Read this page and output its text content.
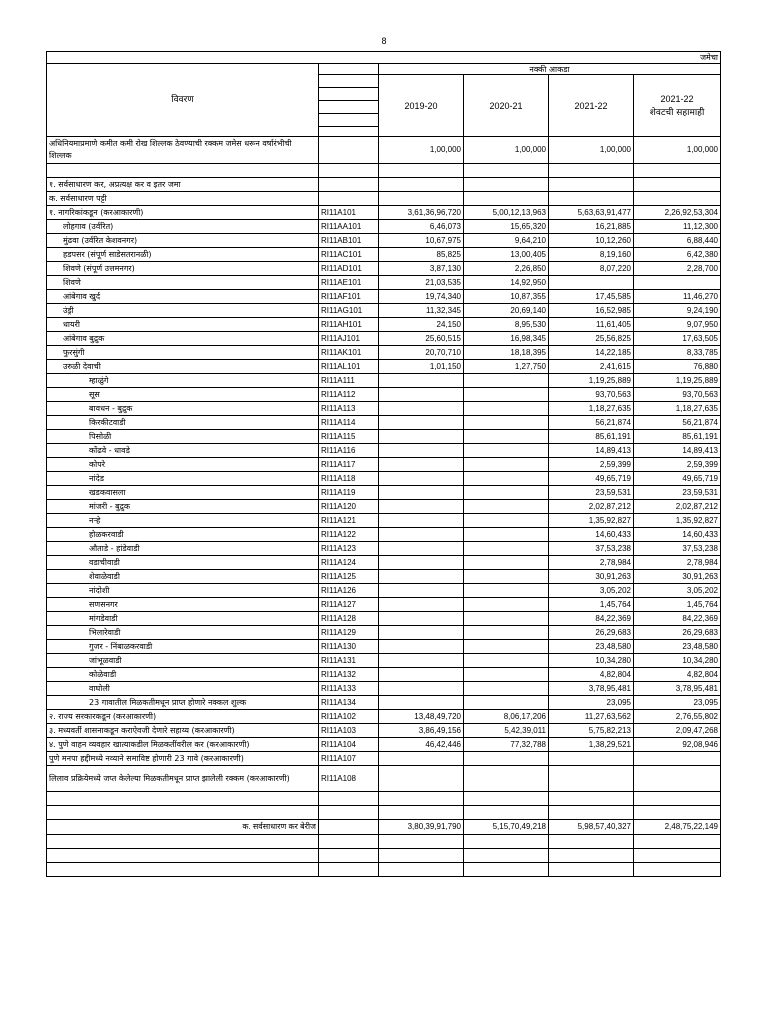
8
जमेचा					
विवरण		नक्की आकडा			

		2019-20	2020-21	2021-22	2021-22
शेवटची सहामाही

अधिनियमाप्रमाणे कमीत कमी रोख शिल्लक ठेवण्याची रक्कम जमेस धरून वर्षारंभीची शिल्लक		1,00,000	1,00,000	1,00,000	1,00,000

१. सर्वसाधारण कर, अप्रत्यक्ष कर व इतर जमा					
क. सर्वसाधारण पट्टी					
१. नागरिकांकडून (करआकारणी)	RI11A101	3,61,36,96,720	5,00,12,13,963	5,63,63,91,477	2,26,92,53,304
लोहगाव (उर्वरित)	RI11AA101	6,46,073	15,65,320	16,21,885	11,12,300
मुंढवा (उर्वरित केशवनगर)	RI11AB101	10,67,975	9,64,210	10,12,260	6,88,440
हडपसर (संपूर्ण साडेसतरानळी)	RI11AC101	85,825	13,00,405	8,19,160	6,42,380
शिवणे (संपूर्ण उत्तमनगर)	RI11AD101	3,87,130	2,26,850	8,07,220	2,28,700
शिवणे	RI11AE101	21,03,535	14,92,950		
आंबेगाव खुर्द	RI11AF101	19,74,340	10,87,355	17,45,585	11,46,270
उंड्री	RI11AG101	11,32,345	20,69,140	16,52,985	9,24,190
धायरी	RI11AH101	24,150	8,95,530	11,61,405	9,07,950
आंबेगाव बुद्रुक	RI11AJ101	25,60,515	16,98,345	25,56,825	17,63,505
फुरसुंगी	RI11AK101	20,70,710	18,18,395	14,22,185	8,33,785
उरुळी देवाची	RI11AL101	1,01,150	1,27,750	2,41,615	76,880
म्हाळुंगे	RI11A111			1,19,25,889	1,19,25,889
सूस	RI11A112			93,70,563	93,70,563
बावधन - बुद्रुक	RI11A113			1,18,27,635	1,18,27,635
किरकीटवाडी	RI11A114			56,21,874	56,21,874
पिसोळी	RI11A115			85,61,191	85,61,191
कोंढवे - धावडे	RI11A116			14,89,413	14,89,413
कोपरे	RI11A117			2,59,399	2,59,399
नांदेड	RI11A118			49,65,719	49,65,719
खडकवासला	RI11A119			23,59,531	23,59,531
मांजरी - बुद्रुक	RI11A120			2,02,87,212	2,02,87,212
नऱ्हे	RI11A121			1,35,92,827	1,35,92,827
होळकरवाडी	RI11A122			14,60,433	14,60,433
औताडे - हांडेवाडी	RI11A123			37,53,238	37,53,238
वडाचीवाडी	RI11A124			2,78,984	2,78,984
शेवाळेवाडी	RI11A125			30,91,263	30,91,263
नांदोशी	RI11A126			3,05,202	3,05,202
सणसनगर	RI11A127			1,45,764	1,45,764
मांगडेवाडी	RI11A128			84,22,369	84,22,369
भिलारेवाडी	RI11A129			26,29,683	26,29,683
गुजर - निंबाळकरवाडी	RI11A130			23,48,580	23,48,580
जांभूळवाडी	RI11A131			10,34,280	10,34,280
कोळेवाडी	RI11A132			4,82,804	4,82,804
वाघोली	RI11A133			3,78,95,481	3,78,95,481
23 गावातील मिळकतीमधून प्राप्त होणारे नक्कल शुल्क	RI11A134			23,095	23,095
२. राज्य सरकारकडून (करआकारणी)	RI11A102	13,48,49,720	8,06,17,206	11,27,63,562	2,76,55,802
३. मध्यवर्ती शासनाकडून कराऐवजी देणारे सहाय्य (करआकारणी)	RI11A103	3,86,49,156	5,42,39,011	5,75,82,213	2,09,47,268
४. पुणे वाहन व्यवहार खात्याकडील मिळकतींवरील कर (करआकारणी)	RI11A104	46,42,446	77,32,788	1,38,29,521	92,08,946
पुणे मनपा हद्दीमध्ये नव्याने समाविष्ट होणारी 23 गावे (करआकारणी)	RI11A107				
लिलाव प्रक्रियेमध्ये जप्त केलेल्या मिळकतीमधून प्राप्त झालेली रक्कम (करआकारणी)	RI11A108				

क. सर्वसाधारण कर बेरीज		3,80,39,91,790	5,15,70,49,218	5,98,57,40,327	2,48,75,22,149
